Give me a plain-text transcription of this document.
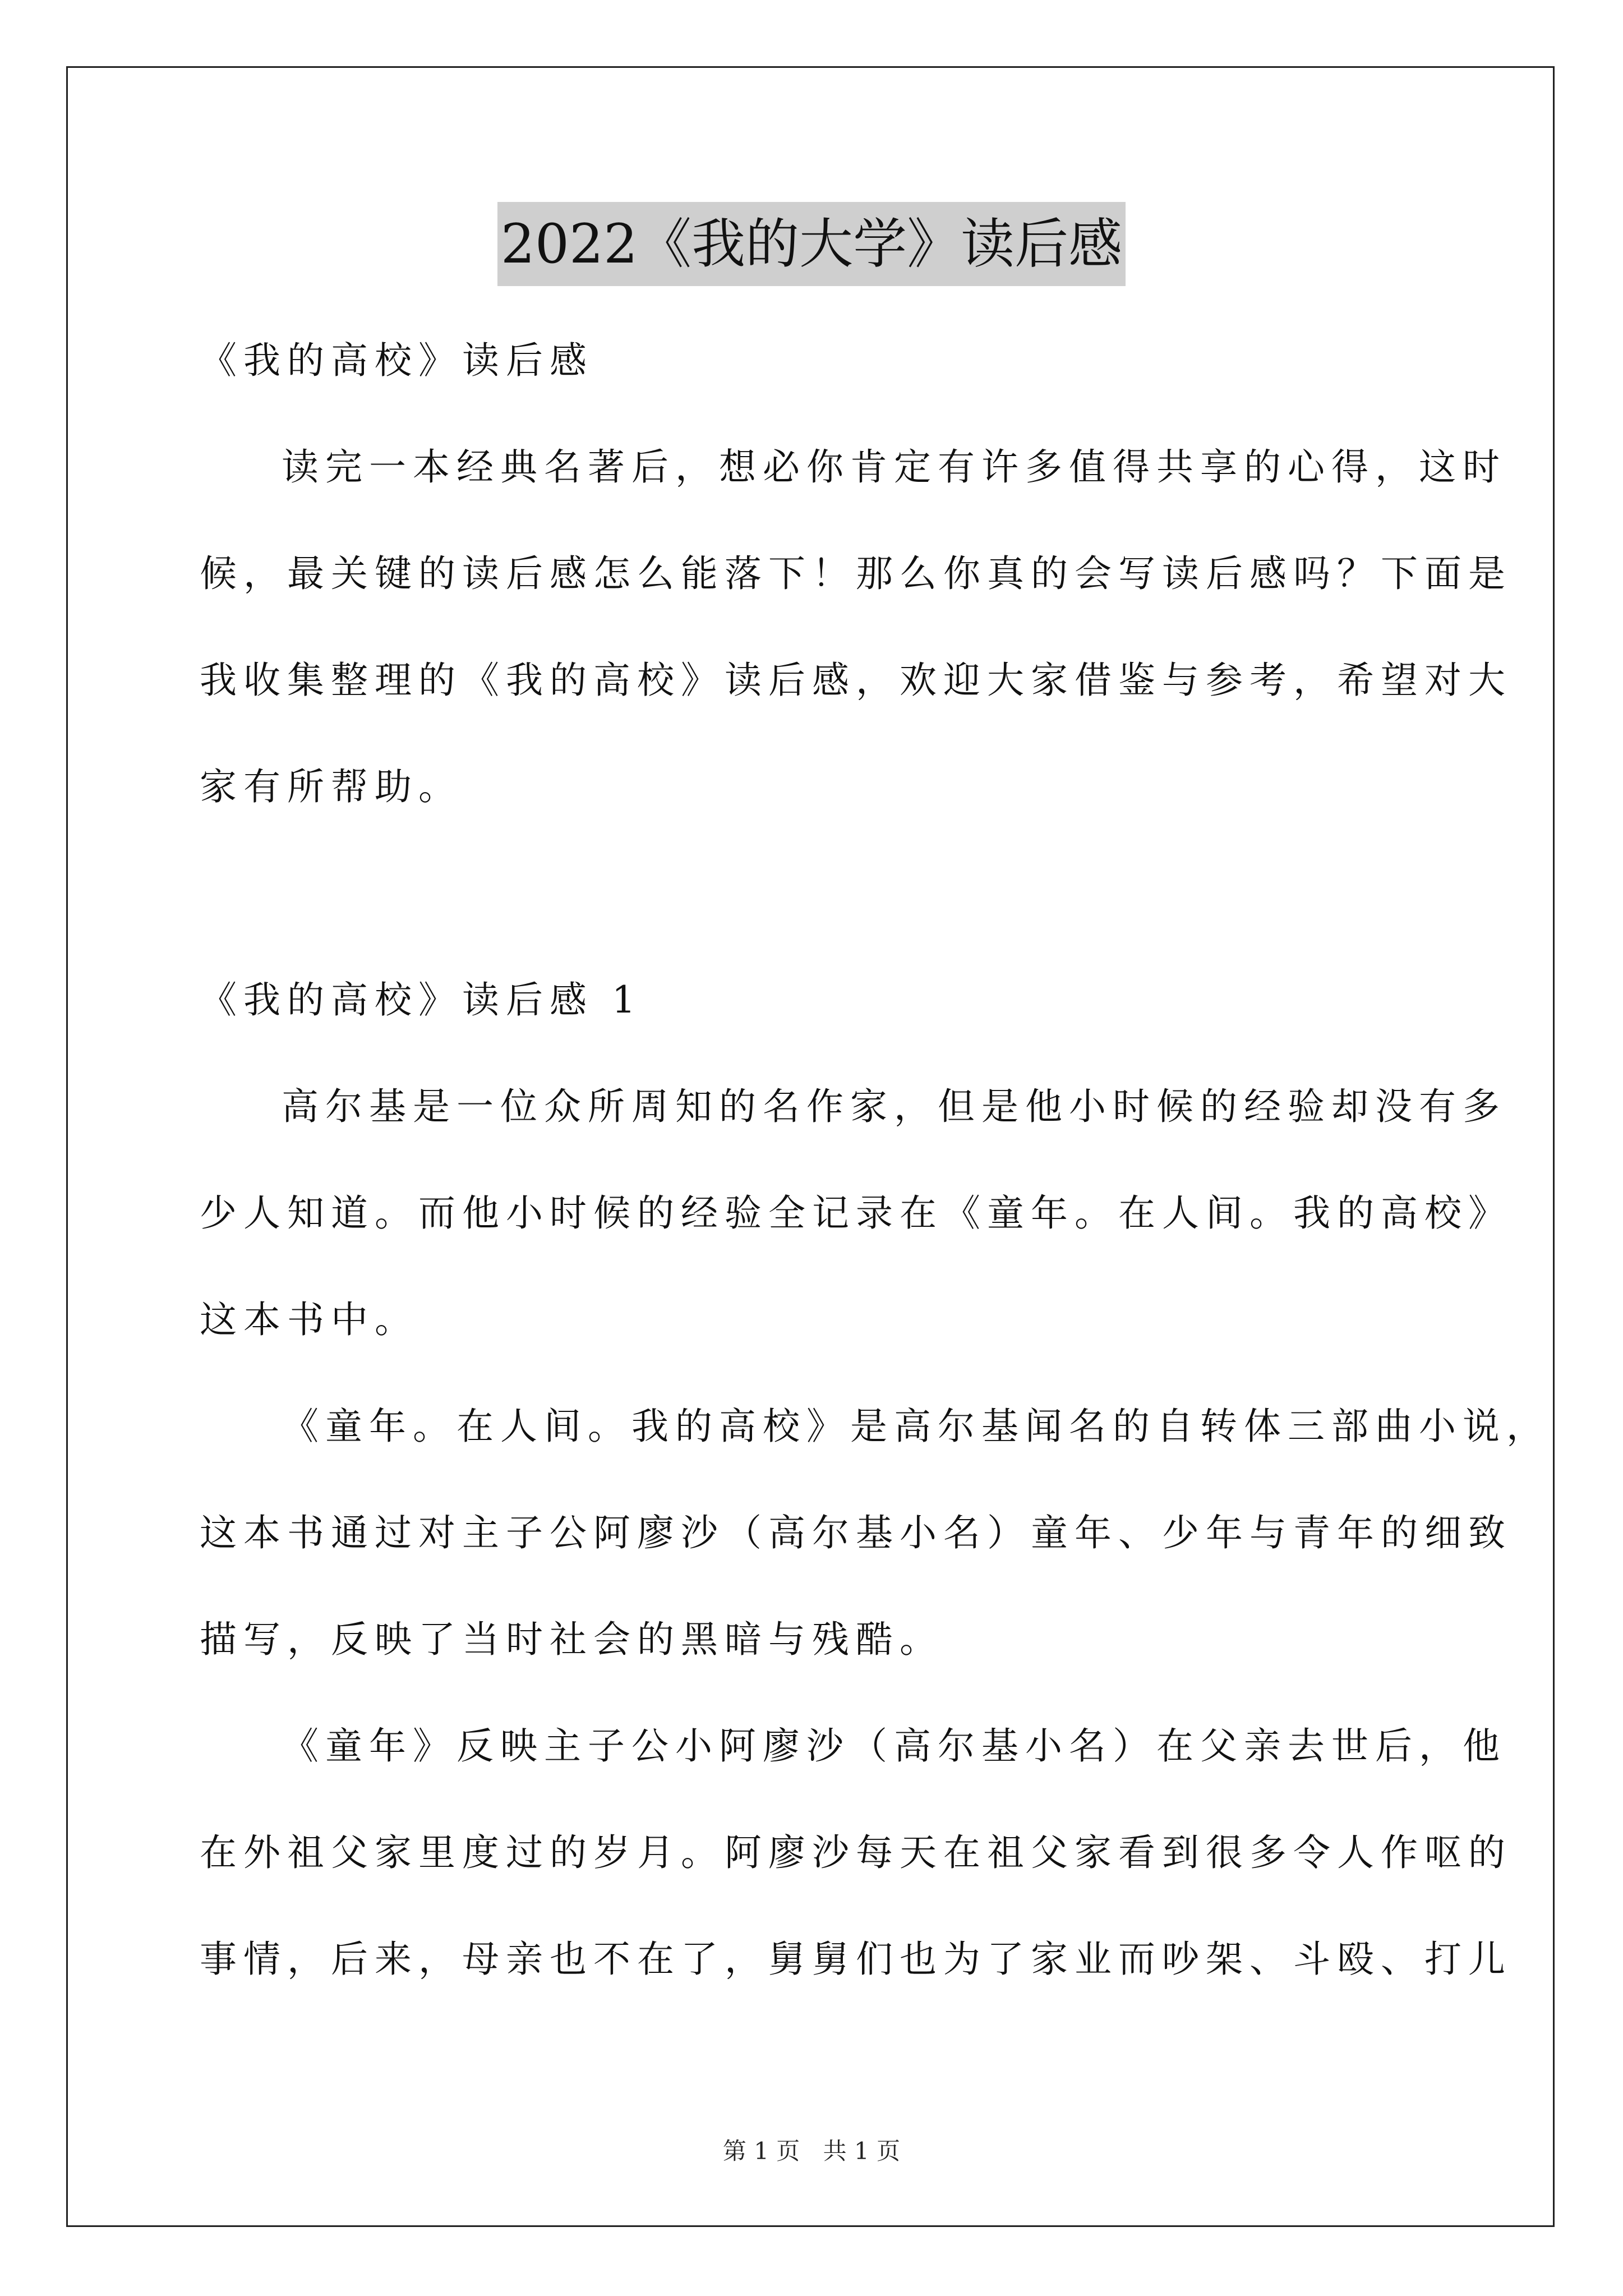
2022《我的大学》读后感
《我的高校》读后感
读完一本经典名著后，想必你肯定有许多值得共享的心得，这时
候，最关键的读后感怎么能落下！那么你真的会写读后感吗？下面是
我收集整理的《我的高校》读后感，欢迎大家借鉴与参考，希望对大
家有所帮助。
《我的高校》读后感 1
高尔基是一位众所周知的名作家，但是他小时候的经验却没有多
少人知道。而他小时候的经验全记录在《童年。在人间。我的高校》
这本书中。
《童年。在人间。我的高校》是高尔基闻名的自转体三部曲小说，
这本书通过对主子公阿廖沙（高尔基小名）童年、少年与青年的细致
描写，反映了当时社会的黑暗与残酷。
《童年》反映主子公小阿廖沙（高尔基小名）在父亲去世后，他
在外祖父家里度过的岁月。阿廖沙每天在祖父家看到很多令人作呕的
事情，后来，母亲也不在了，舅舅们也为了家业而吵架、斗殴、打儿
第 1 页 共 1 页
